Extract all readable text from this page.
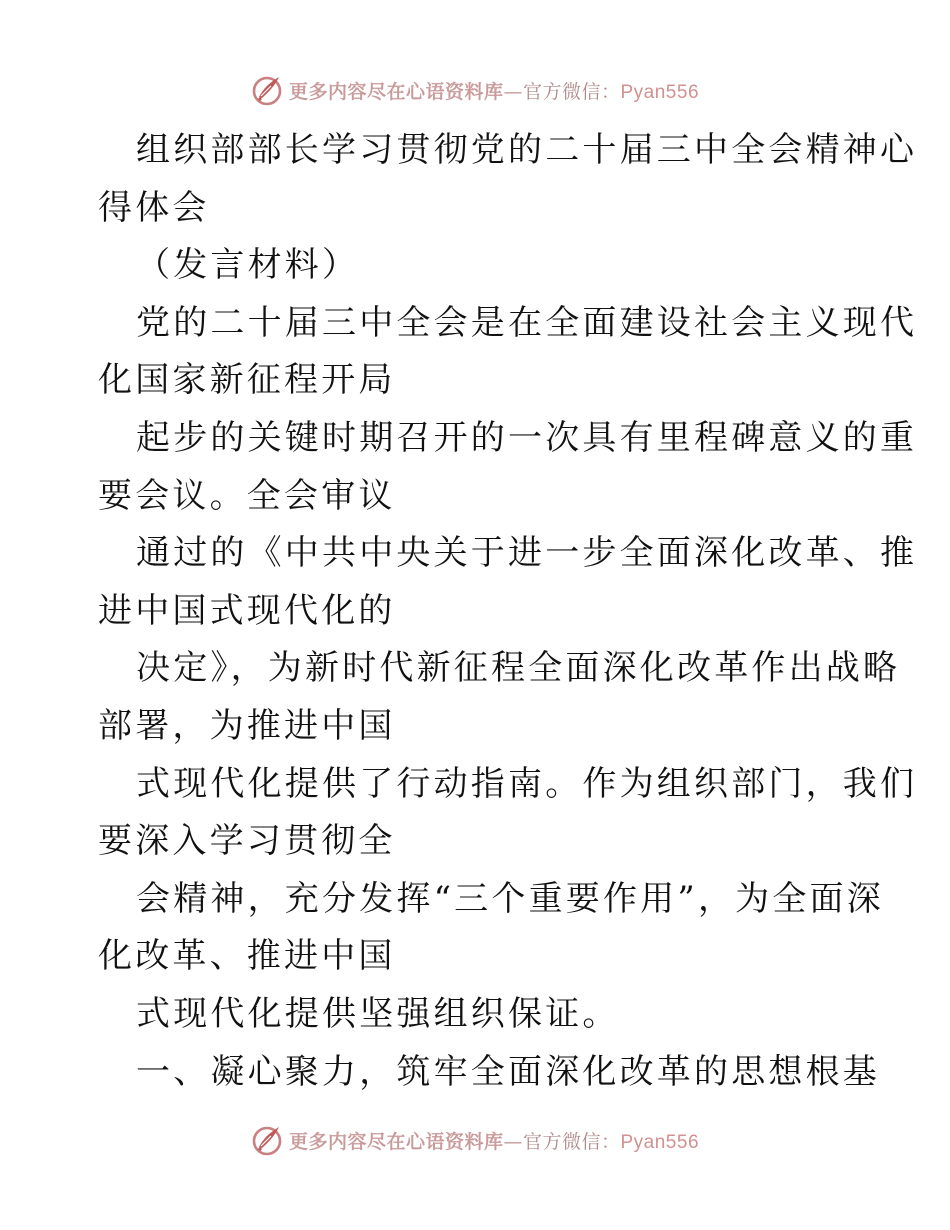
更多内容尽在心语资料库—官方微信：Pyan556
组织部部长学习贯彻党的二十届三中全会精神心
得体会
（发言材料）
党的二十届三中全会是在全面建设社会主义现代
化国家新征程开局
起步的关键时期召开的一次具有里程碑意义的重
要会议。全会审议
通过的《中共中央关于进一步全面深化改革、推
进中国式现代化的
决定》，为新时代新征程全面深化改革作出战略
部署，为推进中国
式现代化提供了行动指南。作为组织部门，我们
要深入学习贯彻全
会精神，充分发挥“三个重要作用”，为全面深
化改革、推进中国
式现代化提供坚强组织保证。
一、凝心聚力，筑牢全面深化改革的思想根基
更多内容尽在心语资料库—官方微信：Pyan556
